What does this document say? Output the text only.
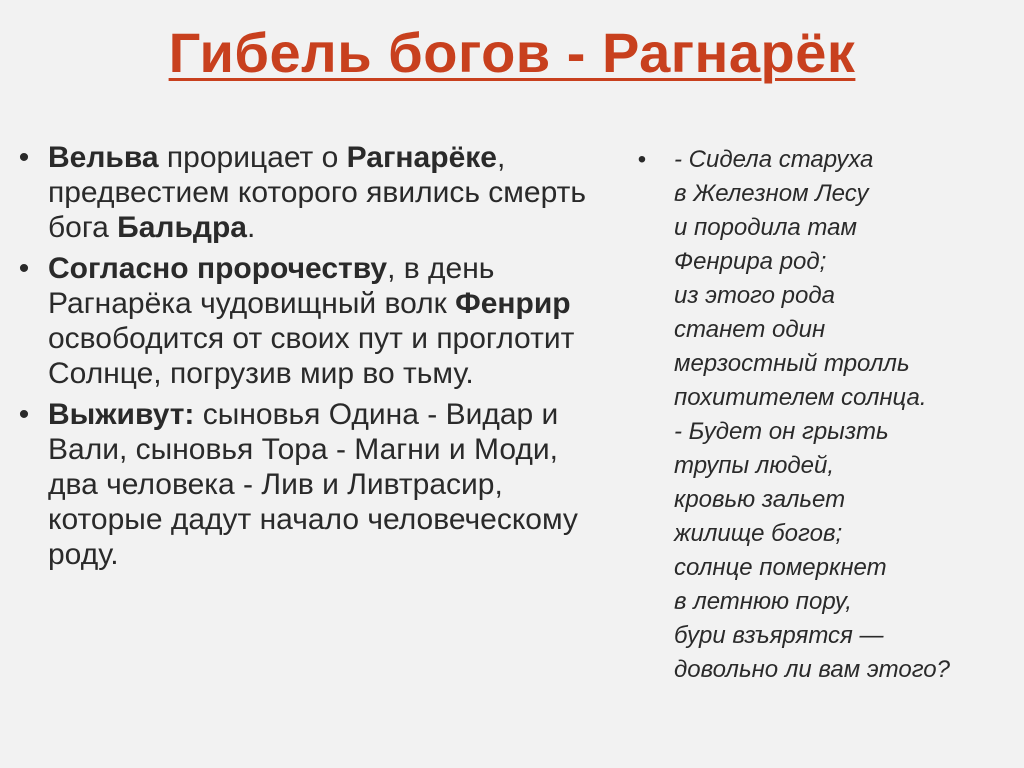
Гибель богов - Рагнарёк
• Вельва прорицает о Рагнарёке, предвестием которого явились смерть бога Бальдра.
• Согласно пророчеству, в день Рагнарёка чудовищный волк Фенрир освободится от своих пут и проглотит Солнце, погрузив мир во тьму.
• Выживут: сыновья Одина - Видар и Вали, сыновья Тора - Магни и Моди, два человека - Лив и Ливтрасир, которые дадут начало человеческому роду.
• - Сидела старуха
в Железном Лесу
и породила там
Фенрира род;
из этого рода
станет один
мерзостный тролль
похитителем солнца.
- Будет он грызть
трупы людей,
кровью зальет
жилище богов;
солнце померкнет
в летнюю пору,
бури взъярятся —
довольно ли вам этого?
